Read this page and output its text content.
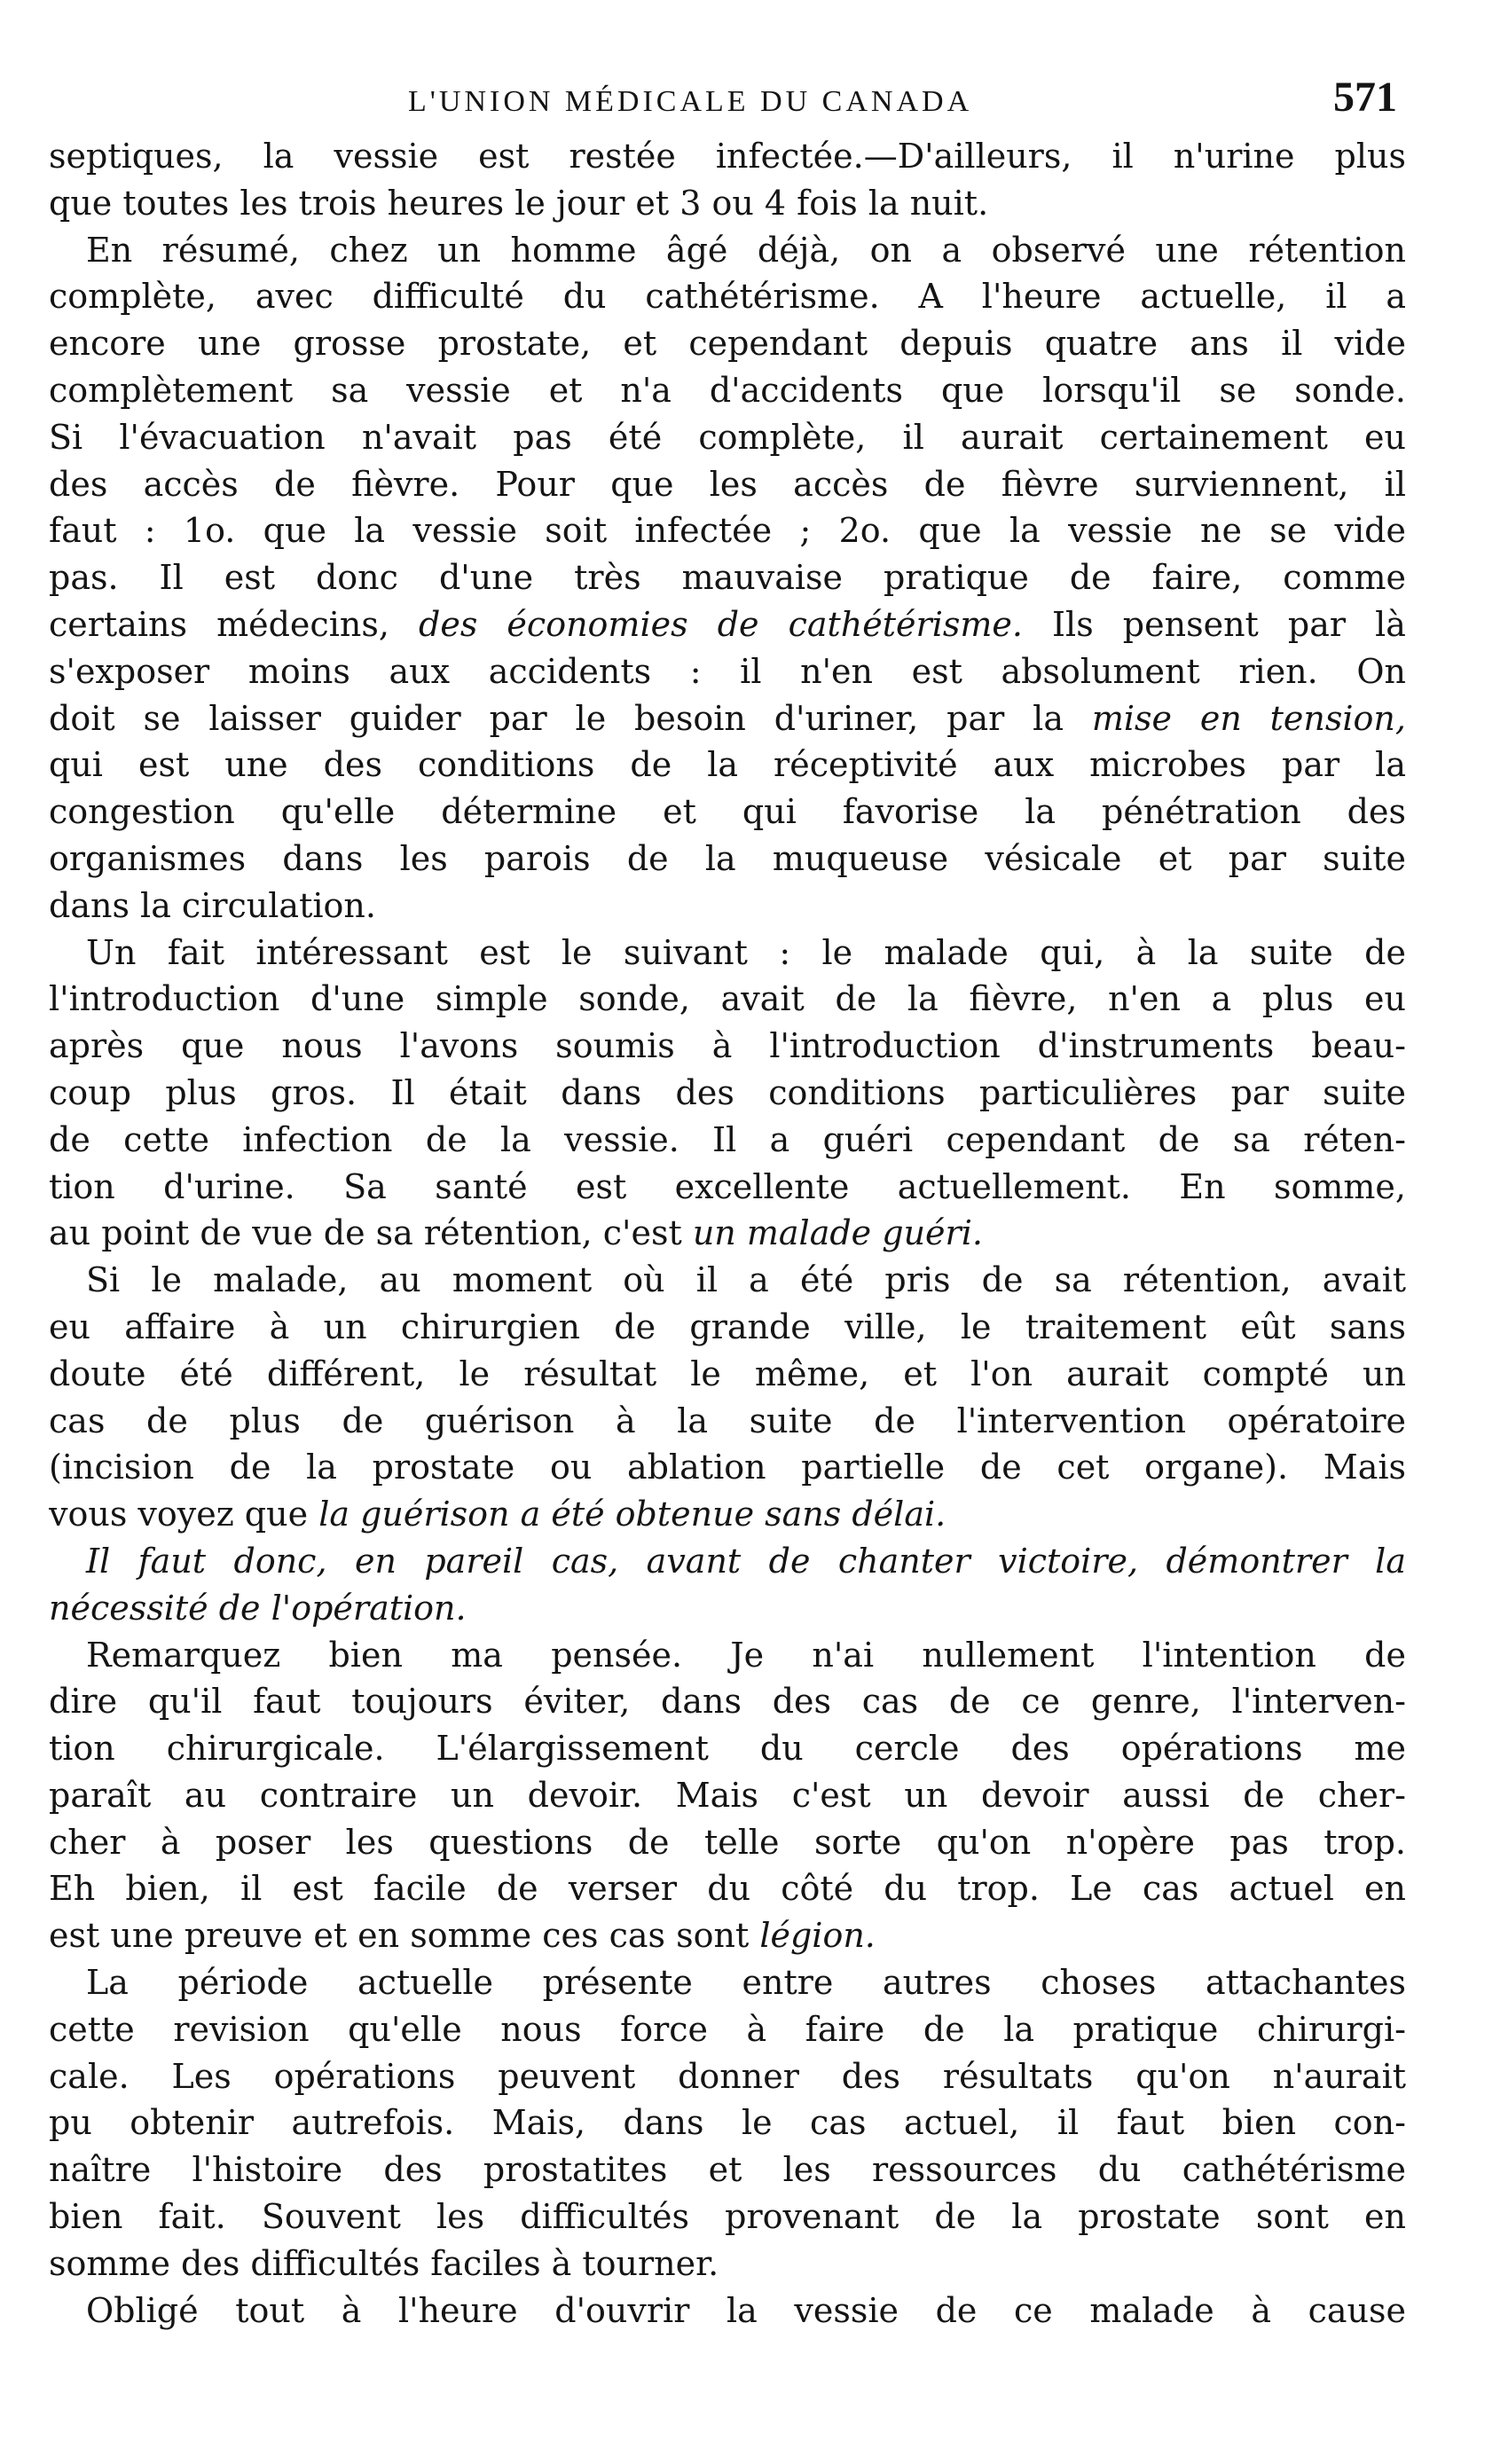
L'UNION MÉDICALE DU CANADA	571
septiques, la vessie est restée infectée.—D'ailleurs, il n'urine plus
que toutes les trois heures le jour et 3 ou 4 fois la nuit.
En résumé, chez un homme âgé déjà, on a observé une rétention
complète, avec difficulté du cathétérisme. A l'heure actuelle, il a
encore une grosse prostate, et cependant depuis quatre ans il vide
complètement sa vessie et n'a d'accidents que lorsqu'il se sonde.
Si l'évacuation n'avait pas été complète, il aurait certainement eu
des accès de fièvre. Pour que les accès de fièvre surviennent, il
faut : 1o. que la vessie soit infectée ; 2o. que la vessie ne se vide
pas. Il est donc d'une très mauvaise pratique de faire, comme
certains médecins, des économies de cathétérisme. Ils pensent par là
s'exposer moins aux accidents : il n'en est absolument rien. On
doit se laisser guider par le besoin d'uriner, par la mise en tension,
qui est une des conditions de la réceptivité aux microbes par la
congestion qu'elle détermine et qui favorise la pénétration des
organismes dans les parois de la muqueuse vésicale et par suite
dans la circulation.
Un fait intéressant est le suivant : le malade qui, à la suite de
l'introduction d'une simple sonde, avait de la fièvre, n'en a plus eu
après que nous l'avons soumis à l'introduction d'instruments beau-
coup plus gros. Il était dans des conditions particulières par suite
de cette infection de la vessie. Il a guéri cependant de sa réten-
tion d'urine. Sa santé est excellente actuellement. En somme,
au point de vue de sa rétention, c'est un malade guéri.
Si le malade, au moment où il a été pris de sa rétention, avait
eu affaire à un chirurgien de grande ville, le traitement eût sans
doute été différent, le résultat le même, et l'on aurait compté un
cas de plus de guérison à la suite de l'intervention opératoire
(incision de la prostate ou ablation partielle de cet organe). Mais
vous voyez que la guérison a été obtenue sans délai.
Il faut donc, en pareil cas, avant de chanter victoire, démontrer la
nécessité de l'opération.
Remarquez bien ma pensée. Je n'ai nullement l'intention de
dire qu'il faut toujours éviter, dans des cas de ce genre, l'interven-
tion chirurgicale. L'élargissement du cercle des opérations me
paraît au contraire un devoir. Mais c'est un devoir aussi de cher-
cher à poser les questions de telle sorte qu'on n'opère pas trop.
Eh bien, il est facile de verser du côté du trop. Le cas actuel en
est une preuve et en somme ces cas sont légion.
La période actuelle présente entre autres choses attachantes
cette revision qu'elle nous force à faire de la pratique chirurgi-
cale. Les opérations peuvent donner des résultats qu'on n'aurait
pu obtenir autrefois. Mais, dans le cas actuel, il faut bien con-
naître l'histoire des prostatites et les ressources du cathétérisme
bien fait. Souvent les difficultés provenant de la prostate sont en
somme des difficultés faciles à tourner.
Obligé tout à l'heure d'ouvrir la vessie de ce malade à cause
